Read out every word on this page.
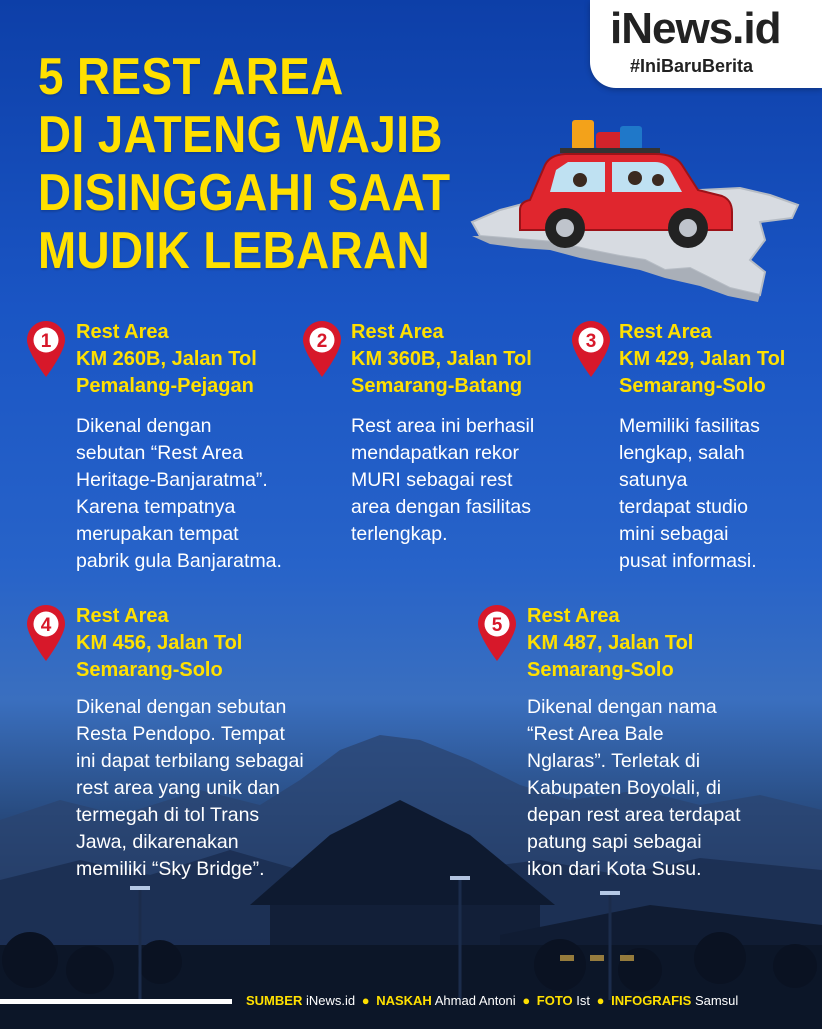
iNews.id
#IniBaruBerita
5 REST AREA
DI JATENG WAJIB
DISINGGAHI SAAT
MUDIK LEBARAN
1 Rest Area
KM 260B, Jalan Tol
Pemalang-Pejagan
Dikenal dengan
sebutan “Rest Area
Heritage-Banjaratma”.
Karena tempatnya
merupakan tempat
pabrik gula Banjaratma.
2 Rest Area
KM 360B, Jalan Tol
Semarang-Batang
Rest area ini berhasil
mendapatkan rekor
MURI sebagai rest
area dengan fasilitas
terlengkap.
3 Rest Area
KM 429, Jalan Tol
Semarang-Solo
Memiliki fasilitas
lengkap, salah
satunya
terdapat studio
mini sebagai
pusat informasi.
4 Rest Area
KM 456, Jalan Tol
Semarang-Solo
Dikenal dengan sebutan
Resta Pendopo. Tempat
ini dapat terbilang sebagai
rest area yang unik dan
termegah di tol Trans
Jawa, dikarenakan
memiliki “Sky Bridge”.
5 Rest Area
KM 487, Jalan Tol
Semarang-Solo
Dikenal dengan nama
“Rest Area Bale
Nglaras”. Terletak di
Kabupaten Boyolali, di
depan rest area terdapat
patung sapi sebagai
ikon dari Kota Susu.
SUMBER iNews.id ● NASKAH Ahmad Antoni ● FOTO Ist ● INFOGRAFIS Samsul
